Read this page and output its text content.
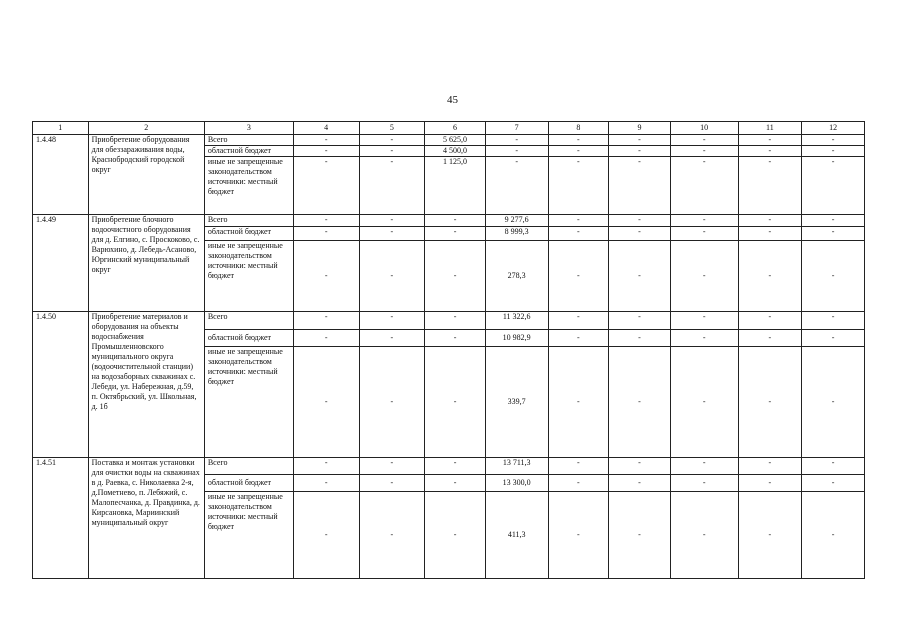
45
1	2	3	4	5	6	7	8	9	10	11	12
1.4.48	Приобретение оборудования для обеззараживания воды, Краснобродский городской округ	Всего	-	-	5 625,0	-	-	-	-	-	-
		областной бюджет	-	-	4 500,0	-	-	-	-	-	-
		иные не запрещенные законодательством источники: местный бюджет	-	-	1 125,0	-	-	-	-	-	-
1.4.49	Приобретение блочного водоочистного оборудования для д. Елгино, с. Проскоково, с. Варюхино, д. Лебедь-Асаново, Юргинский муниципальный округ	Всего	-	-	-	9 277,6	-	-	-	-	-
		областной бюджет	-	-	-	8 999,3	-	-	-	-	-
		иные не запрещенные законодательством источники: местный бюджет	-	-	-	278,3	-	-	-	-	-
1.4.50	Приобретение материалов и оборудования на объекты водоснабжения Промышленновского муниципального округа (водоочистительной станции) на водозаборных скважинах с. Лебеди, ул. Набережная, д.59, п. Октябрьский, ул. Школьная, д. 1б	Всего	-	-	-	11 322,6	-	-	-	-	-
		областной бюджет	-	-	-	10 982,9	-	-	-	-	-
		иные не запрещенные законодательством источники: местный бюджет	-	-	-	339,7	-	-	-	-	-
1.4.51	Поставка и монтаж установки для очистки воды на скважинах в д. Раевка, с. Николаевка 2-я, д.Пометнево, п. Лебяжий, с. Малопесчанка, д. Правдинка, д. Кирсановка, Мариинский муниципальный округ	Всего	-	-	-	13 711,3	-	-	-	-	-
		областной бюджет	-	-	-	13 300,0	-	-	-	-	-
		иные не запрещенные законодательством источники: местный бюджет	-	-	-	411,3	-	-	-	-	-
